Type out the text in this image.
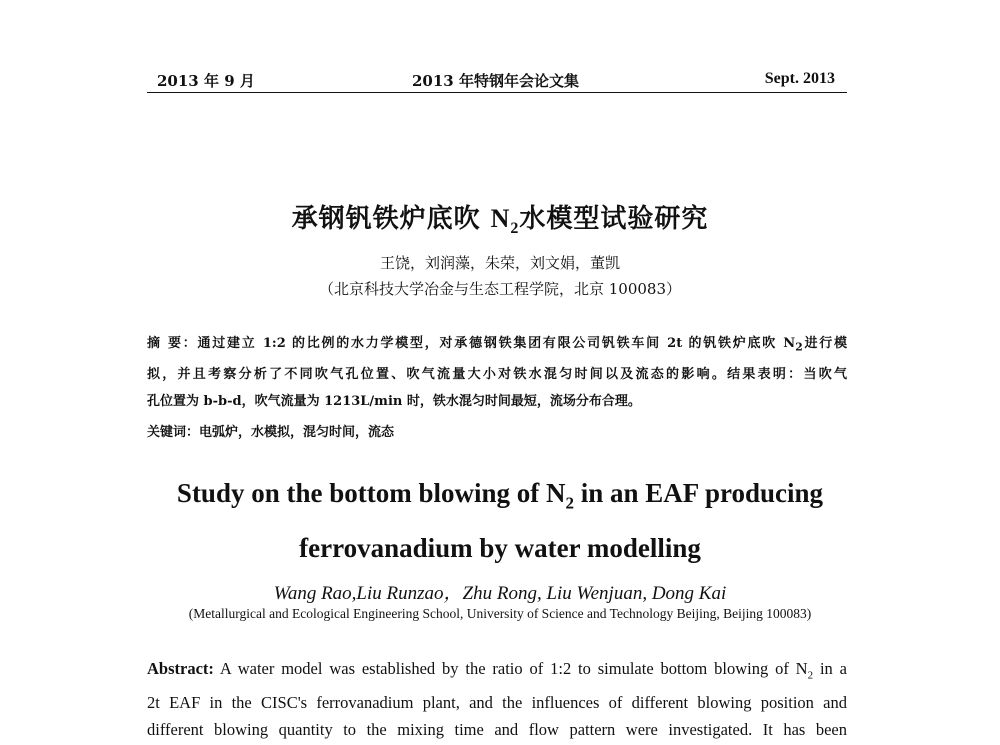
2013 年 9 月	2013 年特钢年会论文集	Sept. 2013
承钢钒铁炉底吹 $N_2$水模型试验研究
王饶，刘润藻，朱荣，刘文娟，董凯
（北京科技大学冶金与生态工程学院，北京 100083）
摘 要：通过建立 1:2 的比例的水力学模型，对承德钢铁集团有限公司钒铁车间 2t 的钒铁炉底吹 $N_2$进行模
拟，并且考察分析了不同吹气孔位置、吹气流量大小对铁水混匀时间以及流态的影响。结果表明：当吹气
孔位置为 b-b-d，吹气流量为 1213L/min 时，铁水混匀时间最短，流场分布合理。
关键词：电弧炉，水模拟，混匀时间，流态
Study on the bottom blowing of $N_2$ in an EAF producing
ferrovanadium by water modelling
Wang Rao,Liu Runzao，Zhu Rong, Liu Wenjuan, Dong Kai
(Metallurgical and Ecological Engineering School, University of Science and Technology Beijing, Beijing 100083)
Abstract: A water model was established by the ratio of 1:2 to simulate bottom blowing of $N_2$ in a
2t EAF in the CISC's ferrovanadium plant, and the influences of different blowing position and
different blowing quantity to the mixing time and flow pattern were investigated. It has been
